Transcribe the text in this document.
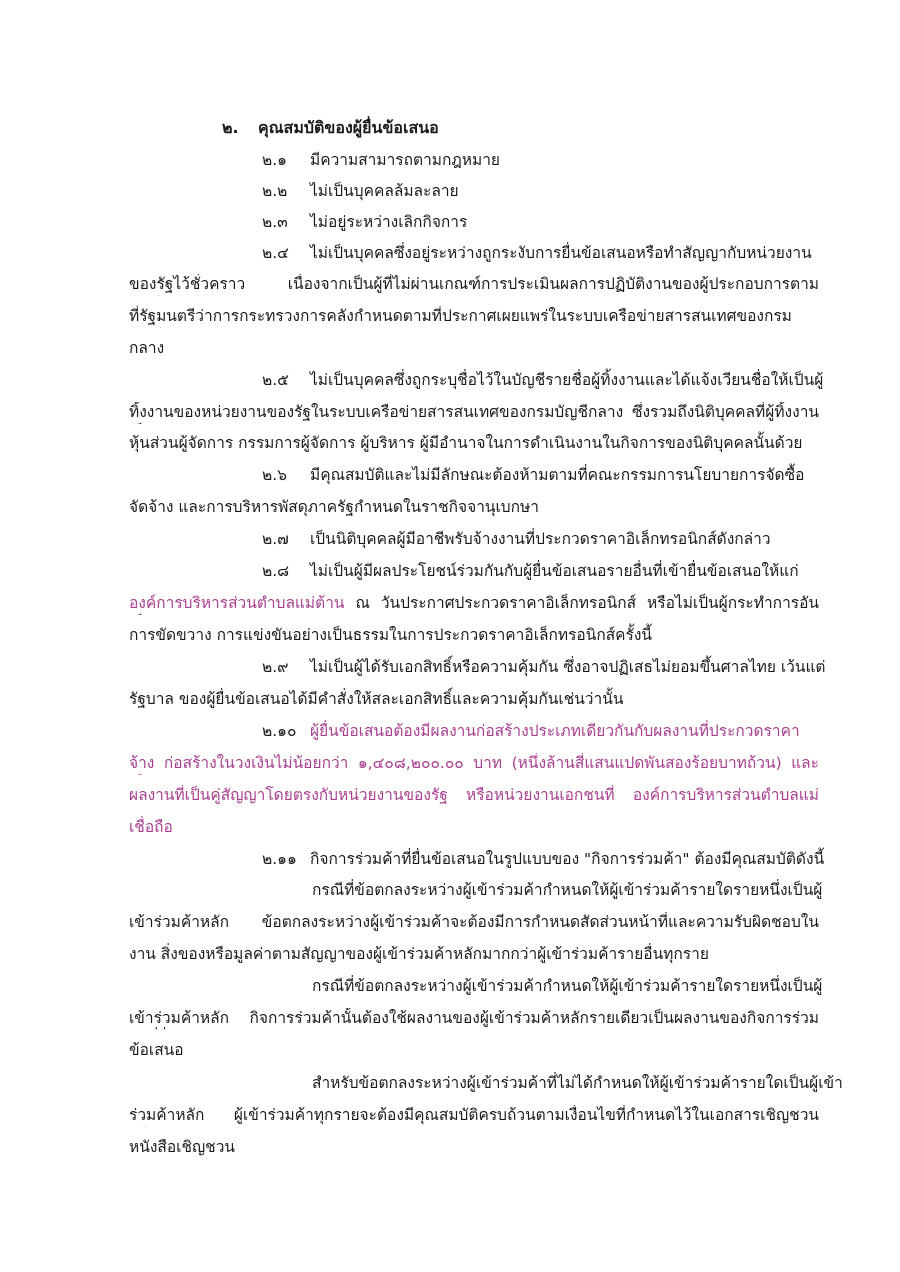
๒. คุณสมบัติของผู้ยื่นข้อเสนอ
๒.๑ มีความสามารถตามกฎหมาย
๒.๒ ไม่เป็นบุคคลล้มละลาย
๒.๓ ไม่อยู่ระหว่างเลิกกิจการ
๒.๔ ไม่เป็นบุคคลซึ่งอยู่ระหว่างถูกระงับการยื่นข้อเสนอหรือทำสัญญากับหน่วยงาน
ของรัฐไว้ชั่วคราว เนื่องจากเป็นผู้ที่ไม่ผ่านเกณฑ์การประเมินผลการปฏิบัติงานของผู้ประกอบการตาม
ที่รัฐมนตรีว่าการกระทรวงการคลังกำหนดตามที่ประกาศเผยแพร่ในระบบเครือข่ายสารสนเทศของกรม
กลาง
๒.๕ ไม่เป็นบุคคลซึ่งถูกระบุชื่อไว้ในบัญชีรายชื่อผู้ทิ้งงานและได้แจ้งเวียนชื่อให้เป็นผู้
ทิ้งงานของหน่วยงานของรัฐในระบบเครือข่ายสารสนเทศของกรมบัญชีกลาง ซึ่งรวมถึงนิติบุคคลที่ผู้ทิ้งงาน
หุ้นส่วนผู้จัดการ กรรมการผู้จัดการ ผู้บริหาร ผู้มีอำนาจในการดำเนินงานในกิจการของนิติบุคคลนั้นด้วย
๒.๖ มีคุณสมบัติและไม่มีลักษณะต้องห้ามตามที่คณะกรรมการนโยบายการจัดซื้อ
จัดจ้าง และการบริหารพัสดุภาครัฐกำหนดในราชกิจจานุเบกษา
๒.๗ เป็นนิติบุคคลผู้มีอาชีพรับจ้างงานที่ประกวดราคาอิเล็กทรอนิกส์ดังกล่าว
๒.๘ ไม่เป็นผู้มีผลประโยชน์ร่วมกันกับผู้ยื่นข้อเสนอรายอื่นที่เข้ายื่นข้อเสนอให้แก่
องค์การบริหารส่วนตำบลแม่ต้าน ณ วันประกาศประกวดราคาอิเล็กทรอนิกส์ หรือไม่เป็นผู้กระทำการอัน
การขัดขวาง การแข่งขันอย่างเป็นธรรมในการประกวดราคาอิเล็กทรอนิกส์ครั้งนี้
๒.๙ ไม่เป็นผู้ได้รับเอกสิทธิ์หรือความคุ้มกัน ซึ่งอาจปฏิเสธไม่ยอมขึ้นศาลไทย เว้นแต่
รัฐบาล ของผู้ยื่นข้อเสนอได้มีคำสั่งให้สละเอกสิทธิ์และความคุ้มกันเช่นว่านั้น
๒.๑๐ ผู้ยื่นข้อเสนอต้องมีผลงานก่อสร้างประเภทเดียวกันกับผลงานที่ประกวดราคา
จ้าง ก่อสร้างในวงเงินไม่น้อยกว่า ๑,๔๐๘,๒๐๐.๐๐ บาท (หนึ่งล้านสี่แสนแปดพันสองร้อยบาทถ้วน) และ
ผลงานที่เป็นคู่สัญญาโดยตรงกับหน่วยงานของรัฐ หรือหน่วยงานเอกชนที่ องค์การบริหารส่วนตำบลแม่
เชื่อถือ
๒.๑๑ กิจการร่วมค้าที่ยื่นข้อเสนอในรูปแบบของ "กิจการร่วมค้า" ต้องมีคุณสมบัติดังนี้
กรณีที่ข้อตกลงระหว่างผู้เข้าร่วมค้ากำหนดให้ผู้เข้าร่วมค้ารายใดรายหนึ่งเป็นผู้
เข้าร่วมค้าหลัก ข้อตกลงระหว่างผู้เข้าร่วมค้าจะต้องมีการกำหนดสัดส่วนหน้าที่และความรับผิดชอบใน
งาน สิ่งของหรือมูลค่าตามสัญญาของผู้เข้าร่วมค้าหลักมากกว่าผู้เข้าร่วมค้ารายอื่นทุกราย
กรณีที่ข้อตกลงระหว่างผู้เข้าร่วมค้ากำหนดให้ผู้เข้าร่วมค้ารายใดรายหนึ่งเป็นผู้
เข้าร่วมค้าหลัก กิจการร่วมค้านั้นต้องใช้ผลงานของผู้เข้าร่วมค้าหลักรายเดียวเป็นผลงานของกิจการร่วม
ข้อเสนอ
สำหรับข้อตกลงระหว่างผู้เข้าร่วมค้าที่ไม่ได้กำหนดให้ผู้เข้าร่วมค้ารายใดเป็นผู้เข้า
ร่วมค้าหลัก ผู้เข้าร่วมค้าทุกรายจะต้องมีคุณสมบัติครบถ้วนตามเงื่อนไขที่กำหนดไว้ในเอกสารเชิญชวน
หนังสือเชิญชวน
